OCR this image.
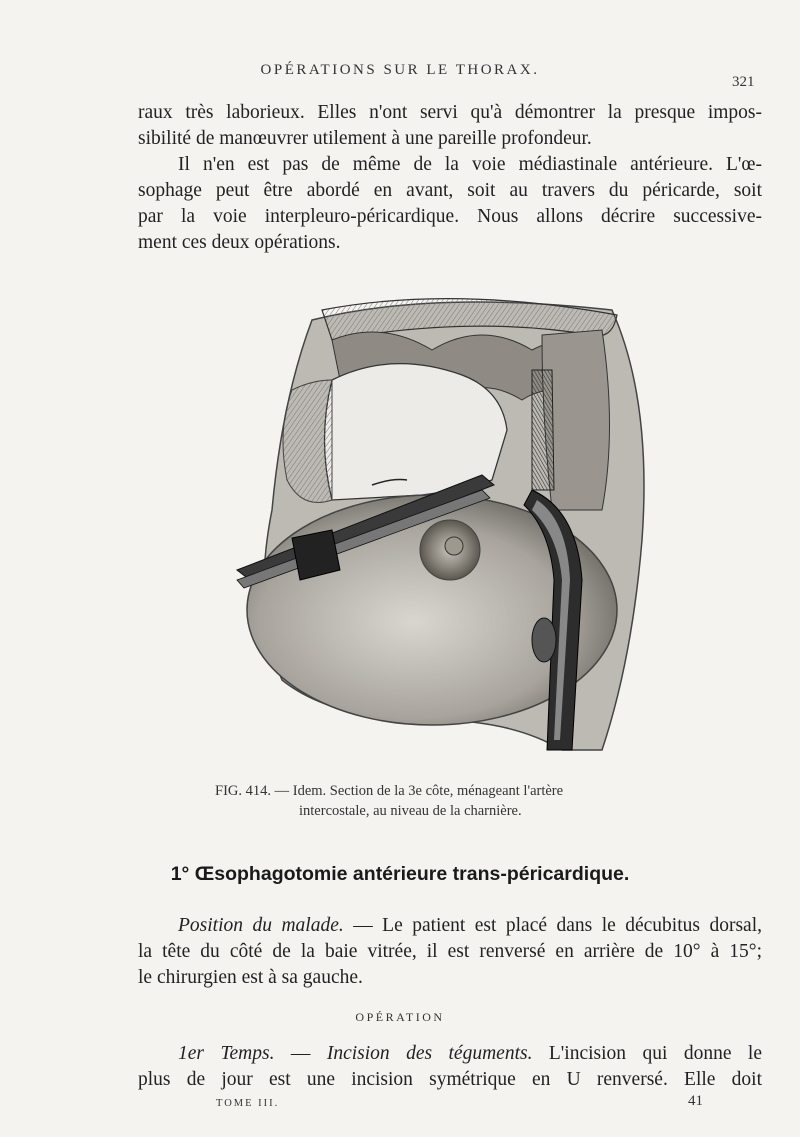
OPÉRATIONS SUR LE THORAX.
321
raux très laborieux. Elles n'ont servi qu'à démontrer la presque impos-
sibilité de manœuvrer utilement à une pareille profondeur.
Il n'en est pas de même de la voie médiastinale antérieure. L'œ-
sophage peut être abordé en avant, soit au travers du péricarde, soit
par la voie interpleuro-péricardique. Nous allons décrire successive-
ment ces deux opérations.
FIG. 414. — Idem. Section de la 3e côte, ménageant l'artère
intercostale, au niveau de la charnière.
1° Œsophagotomie antérieure trans-péricardique.
Position du malade. — Le patient est placé dans le décubitus dorsal,
la tête du côté de la baie vitrée, il est renversé en arrière de 10° à 15°;
le chirurgien est à sa gauche.
OPÉRATION
1er Temps. — Incision des téguments. L'incision qui donne le
plus de jour est une incision symétrique en U renversé. Elle doit
TOME III.	41
